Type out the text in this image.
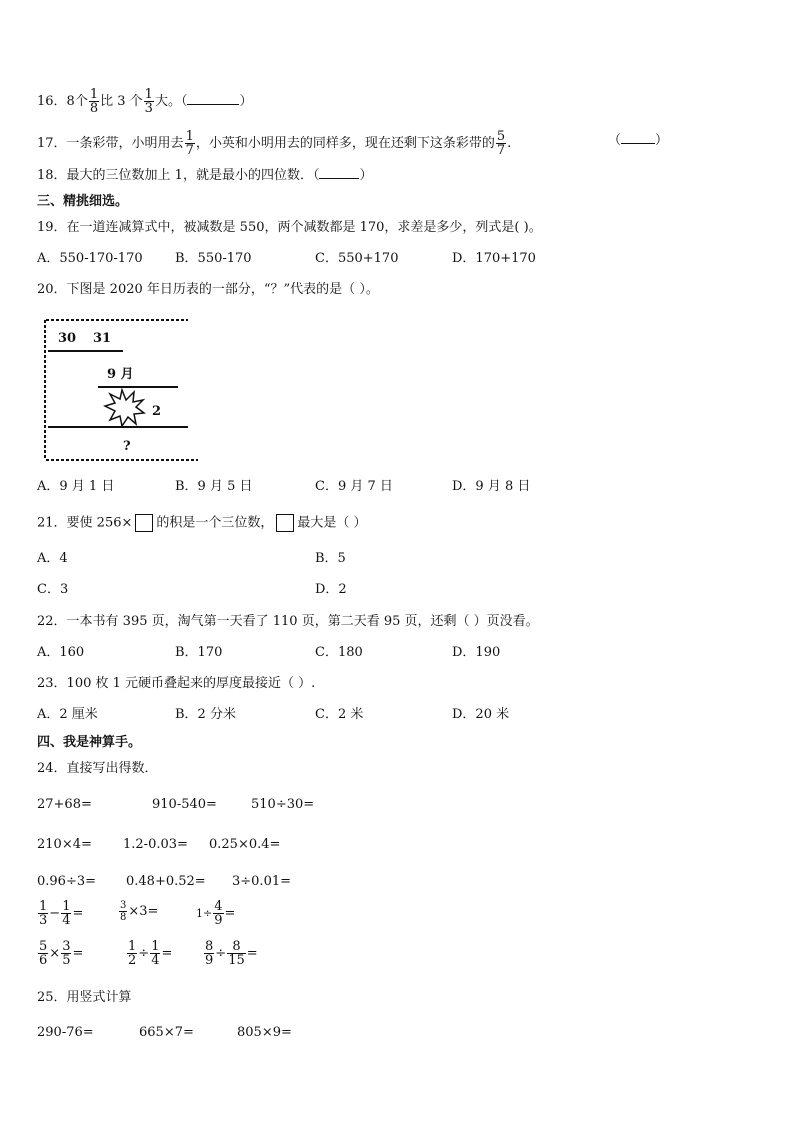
16．8个 $\frac{1}{8}$ 比 3 个 $\frac{1}{3}$ 大。（	）
17．一条彩带，小明用去 $\frac{1}{7}$ ，小英和小明用去的同样多，现在还剩下这条彩带的 $\frac{5}{7}$ .	（	）
18．最大的三位数加上 1，就是最小的四位数．（	）
三、精挑细选。
19．在一道连减算式中，被减数是 550，两个减数都是 170，求差是多少，列式是( )。
A．550-170-170 B．550-170	C．550+170	D．170+170
20．下图是 2020 年日历表的一部分，“？”代表的是（ ）。
30 31
9 月
2
?
A．9 月 1 日	B．9 月 5 日	C．9 月 7 日	D．9 月 8 日
21．要使 256× 的积是一个三位数， 最大是（ ）
A．4	B．5
C．3	D．2
22．一本书有 395 页，淘气第一天看了 110 页，第二天看 95 页，还剩（ ）页没看。
A．160	B．170	C．180	D．190
23．100 枚 1 元硬币叠起来的厚度最接近（ ）.
A．2 厘米	B．2 分米	C．2 米	D．20 米
四、我是神算手。
24．直接写出得数．
27+68=	910-540=	510÷30=
210×4= 1.2-0.03= 0.25×0.4=
0.96÷3= 0.48+0.52= 3÷0.01=
$\frac{1}{3} - \frac{1}{4}$ =	$\frac{3}{8} \times 3=$	$1\div \frac{4}{9}$ =
$\frac{5}{6} \times \frac{3}{5}$ =	$\frac{1}{2} \div \frac{1}{4} = \frac{8}{9} \div \frac{8}{15}$ =
25．用竖式计算
290-76=	665×7=	805×9=
